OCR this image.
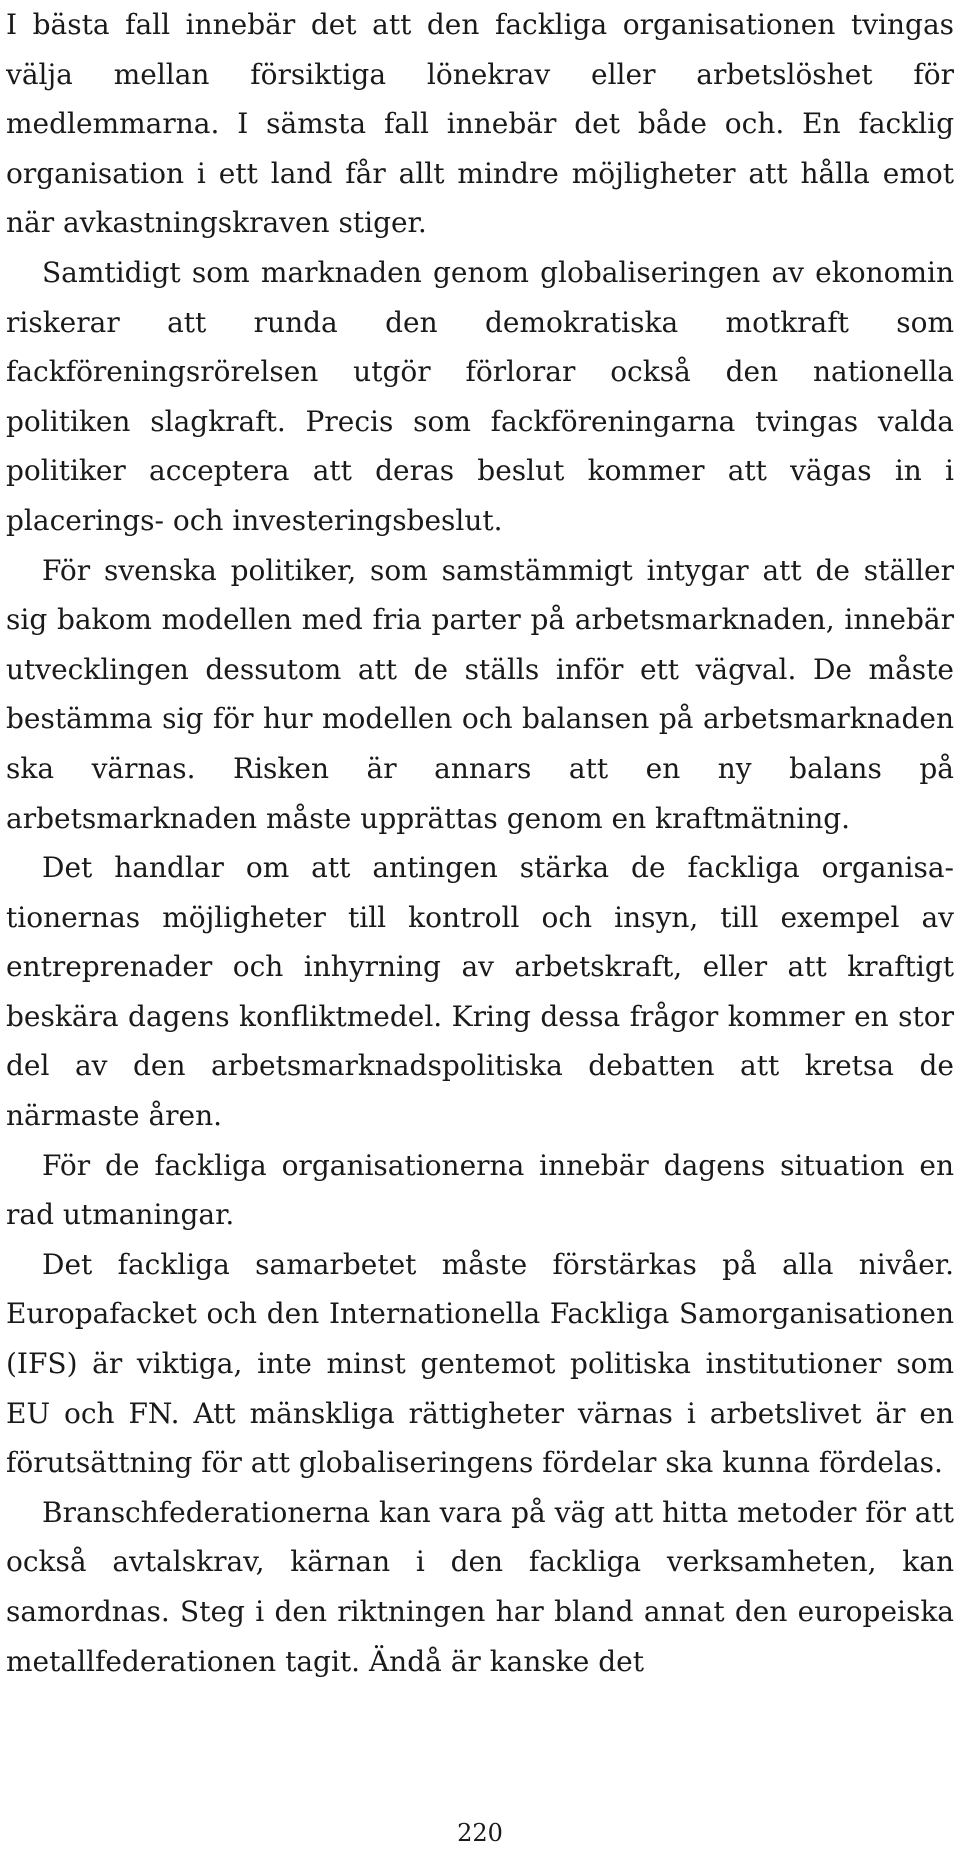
I bästa fall innebär det att den fackliga organisationen tvingas välja mellan försiktiga lönekrav eller arbetslöshet för medlemmarna. I sämsta fall innebär det både och. En facklig organisation i ett land får allt mindre möjligheter att hålla emot när avkastningskraven stiger.

Samtidigt som marknaden genom globaliseringen av ekonomin riskerar att runda den demokratiska motkraft som fackföreningsrörelsen utgör förlorar också den nationella politiken slagkraft. Precis som fackföreningarna tvingas valda politiker acceptera att deras beslut kommer att vägas in i placerings- och investeringsbeslut.

För svenska politiker, som samstämmigt intygar att de ställer sig bakom modellen med fria parter på arbetsmarknaden, innebär utvecklingen dessutom att de ställs inför ett vägval. De måste bestämma sig för hur modellen och balansen på arbetsmarknaden ska värnas. Risken är annars att en ny balans på arbetsmarknaden måste upprättas genom en kraftmätning.

Det handlar om att antingen stärka de fackliga organisationernas möjligheter till kontroll och insyn, till exempel av entreprenader och inhyrning av arbetskraft, eller att kraftigt beskära dagens konfliktmedel. Kring dessa frågor kommer en stor del av den arbetsmarknadspolitiska debatten att kretsa de närmaste åren.

För de fackliga organisationerna innebär dagens situation en rad utmaningar.

Det fackliga samarbetet måste förstärkas på alla nivåer. Europafacket och den Internationella Fackliga Samorganisationen (IFS) är viktiga, inte minst gentemot politiska institutioner som EU och FN. Att mänskliga rättigheter värnas i arbetslivet är en förutsättning för att globaliseringens fördelar ska kunna fördelas.

Branschfederationerna kan vara på väg att hitta metoder för att också avtalskrav, kärnan i den fackliga verksamheten, kan samordnas. Steg i den riktningen har bland annat den europeiska metallfederationen tagit. Ändå är kanske det

220
